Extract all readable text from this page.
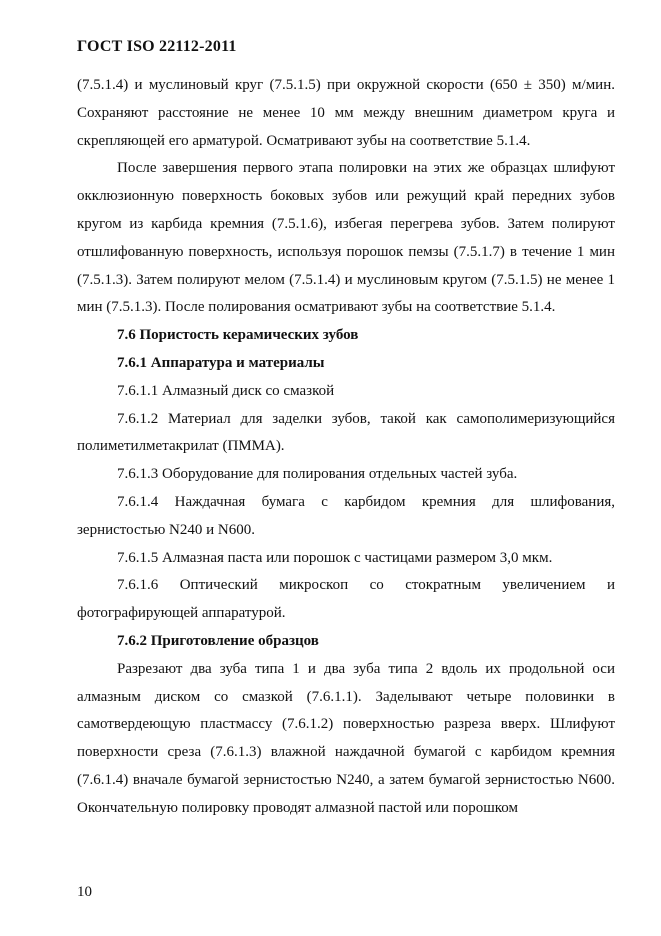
ГОСТ ISO 22112-2011

(7.5.1.4) и муслиновый круг (7.5.1.5) при окружной скорости (650 ± 350) м/мин. Сохраняют расстояние не менее 10 мм между внешним диаметром круга и скрепляющей его арматурой. Осматривают зубы на соответствие 5.1.4.

После завершения первого этапа полировки на этих же образцах шлифуют окклюзионную поверхность боковых зубов или режущий край передних зубов кругом из карбида кремния (7.5.1.6), избегая перегрева зубов. Затем полируют отшлифованную поверхность, используя порошок пемзы (7.5.1.7) в течение 1 мин (7.5.1.3). Затем полируют мелом (7.5.1.4) и муслиновым кругом (7.5.1.5) не менее 1 мин (7.5.1.3). После полирования осматривают зубы на соответствие 5.1.4.

7.6 Пористость керамических зубов

7.6.1 Аппаратура и материалы

7.6.1.1 Алмазный диск со смазкой

7.6.1.2 Материал для заделки зубов, такой как самополимеризующийся полиметилметакрилат (ПММА).

7.6.1.3 Оборудование для полирования отдельных частей зуба.

7.6.1.4 Наждачная бумага с карбидом кремния для шлифования, зернистостью N240 и N600.

7.6.1.5 Алмазная паста или порошок с частицами размером 3,0 мкм.

7.6.1.6 Оптический микроскоп со стократным увеличением и фотографирующей аппаратурой.

7.6.2 Приготовление образцов

Разрезают два зуба типа 1 и два зуба типа 2 вдоль их продольной оси алмазным диском со смазкой (7.6.1.1). Заделывают четыре половинки в самотвердеющую пластмассу (7.6.1.2) поверхностью разреза вверх. Шлифуют поверхности среза (7.6.1.3) влажной наждачной бумагой с карбидом кремния (7.6.1.4) вначале бумагой зернистостью N240, а затем бумагой зернистостью N600. Окончательную полировку проводят алмазной пастой или порошком

10
